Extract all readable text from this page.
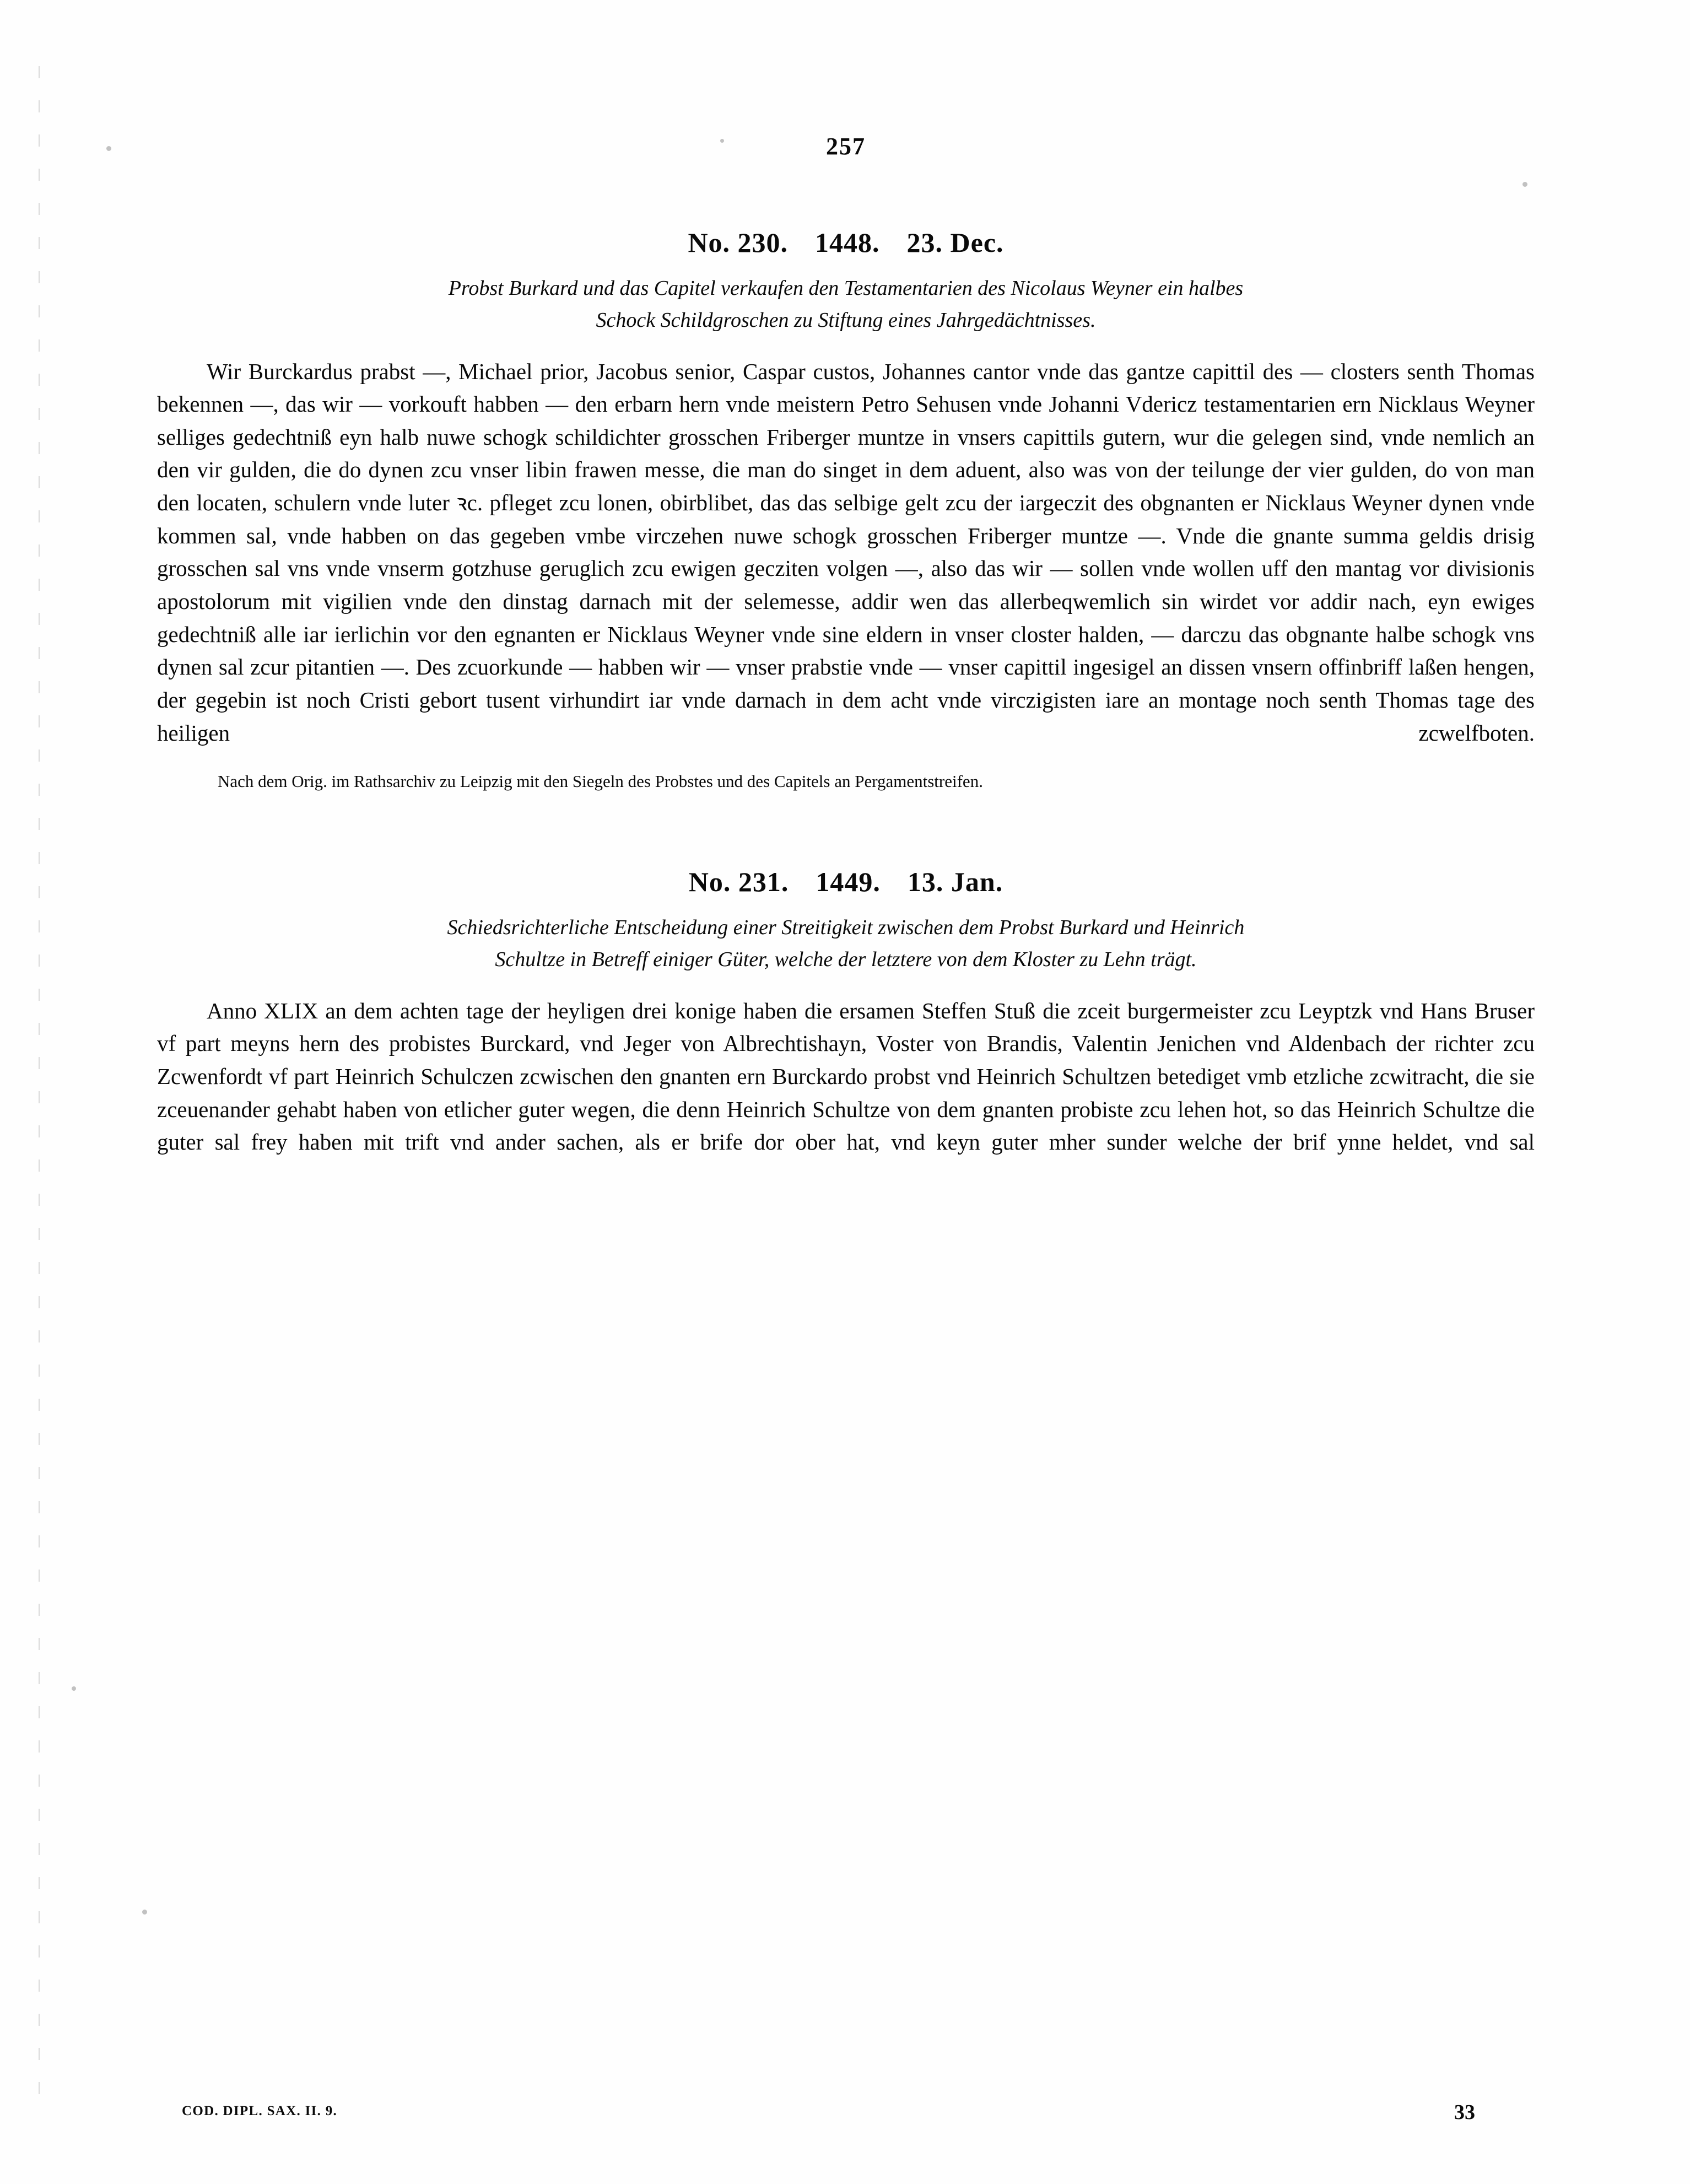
257
No. 230. 1448. 23. Dec.
Probst Burkard und das Capitel verkaufen den Testamentarien des Nicolaus Weyner ein halbes
Schock Schildgroschen zu Stiftung eines Jahrgedächtnisses.
Wir Burckardus prabst —, Michael prior, Jacobus senior, Caspar custos, Johannes cantor vnde das gantze capittil des — closters senth Thomas bekennen —, das wir — vorkouft habben — den erbarn hern vnde meistern Petro Sehusen vnde Johanni Vdericz testamentarien ern Nicklaus Weyner selliges gedechtniß eyn halb nuwe schogk schildichter grosschen Friberger muntze in vnsers capittils gutern, wur die gelegen sind, vnde nemlich an den vir gulden, die do dynen zcu vnser libin frawen messe, die man do singet in dem aduent, also was von der teilunge der vier gulden, do von man den locaten, schulern vnde luter ꝛc. pfleget zcu lonen, obirblibet, das das selbige gelt zcu der iargeczit des obgnanten er Nicklaus Weyner dynen vnde kommen sal, vnde habben on das gegeben vmbe virczehen nuwe schogk grosschen Friberger muntze —. Vnde die gnante summa geldis drisig grosschen sal vns vnde vnserm gotzhuse geruglich zcu ewigen gecziten volgen —, also das wir — sollen vnde wollen uff den mantag vor divisionis apostolorum mit vigilien vnde den dinstag darnach mit der selemesse, addir wen das allerbeqwemlich sin wirdet vor addir nach, eyn ewiges gedechtniß alle iar ierlichin vor den egnanten er Nicklaus Weyner vnde sine eldern in vnser closter halden, — darczu das obgnante halbe schogk vns dynen sal zcur pitantien —. Des zcuorkunde — habben wir — vnser prabstie vnde — vnser capittil ingesigel an dissen vnsern offinbriff laßen hengen, der gegebin ist noch Cristi gebort tusent virhundirt iar vnde darnach in dem acht vnde virczigisten iare an montage noch senth Thomas tage des heiligen zcwelfboten.
Nach dem Orig. im Rathsarchiv zu Leipzig mit den Siegeln des Probstes und des Capitels an Pergamentstreifen.
No. 231. 1449. 13. Jan.
Schiedsrichterliche Entscheidung einer Streitigkeit zwischen dem Probst Burkard und Heinrich
Schultze in Betreff einiger Güter, welche der letztere von dem Kloster zu Lehn trägt.
Anno XLIX an dem achten tage der heyligen drei konige haben die ersamen Steffen Stuß die zceit burgermeister zcu Leyptzk vnd Hans Bruser vf part meyns hern des probistes Burckard, vnd Jeger von Albrechtishayn, Voster von Brandis, Valentin Jenichen vnd Aldenbach der richter zcu Zcwenfordt vf part Heinrich Schulczen zcwischen den gnanten ern Burckardo probst vnd Heinrich Schultzen betediget vmb etzliche zcwitracht, die sie zceuenander gehabt haben von etlicher guter wegen, die denn Heinrich Schultze von dem gnanten probiste zcu lehen hot, so das Heinrich Schultze die guter sal frey haben mit trift vnd ander sachen, als er brife dor ober hat, vnd keyn guter mher sunder welche der brif ynne heldet, vnd sal
COD. DIPL. SAX. II. 9.	33
